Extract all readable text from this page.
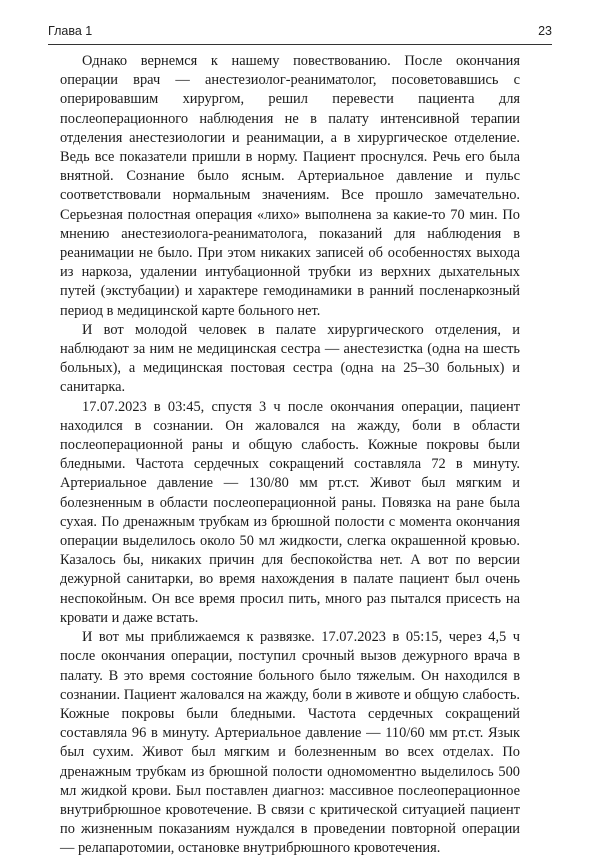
Глава 1	23

Однако вернемся к нашему повествованию. После окончания операции врач — анестезиолог-реаниматолог, посоветовавшись с оперировавшим хирургом, решил перевести пациента для послеоперационного наблюдения не в палату интенсивной терапии отделения анестезиологии и реанимации, а в хирургическое отделение. Ведь все показатели пришли в норму. Пациент проснулся. Речь его была внятной. Сознание было ясным. Артериальное давление и пульс соответствовали нормальным значениям. Все прошло замечательно. Серьезная полостная операция «лихо» выполнена за какие-то 70 мин. По мнению анестезиолога-реаниматолога, показаний для наблюдения в реанимации не было. При этом никаких записей об особенностях выхода из наркоза, удалении интубационной трубки из верхних дыхательных путей (экстубации) и характере гемодинамики в ранний посленаркозный период в медицинской карте больного нет.

И вот молодой человек в палате хирургического отделения, и наблюдают за ним не медицинская сестра — анестезистка (одна на шесть больных), а медицинская постовая сестра (одна на 25–30 больных) и санитарка.

17.07.2023 в 03:45, спустя 3 ч после окончания операции, пациент находился в сознании. Он жаловался на жажду, боли в области послеоперационной раны и общую слабость. Кожные покровы были бледными. Частота сердечных сокращений составляла 72 в минуту. Артериальное давление — 130/80 мм рт.ст. Живот был мягким и болезненным в области послеоперационной раны. Повязка на ране была сухая. По дренажным трубкам из брюшной полости с момента окончания операции выделилось около 50 мл жидкости, слегка окрашенной кровью. Казалось бы, никаких причин для беспокойства нет. А вот по версии дежурной санитарки, во время нахождения в палате пациент был очень неспокойным. Он все время просил пить, много раз пытался присесть на кровати и даже встать.

И вот мы приближаемся к развязке. 17.07.2023 в 05:15, через 4,5 ч после окончания операции, поступил срочный вызов дежурного врача в палату. В это время состояние больного было тяжелым. Он находился в сознании. Пациент жаловался на жажду, боли в животе и общую слабость. Кожные покровы были бледными. Частота сердечных сокращений составляла 96 в минуту. Артериальное давление — 110/60 мм рт.ст. Язык был сухим. Живот был мягким и болезненным во всех отделах. По дренажным трубкам из брюшной полости одномоментно выделилось 500 мл жидкой крови. Был поставлен диагноз: массивное послеоперационное внутрибрюшное кровотечение. В связи с критической ситуацией пациент по жизненным показаниям нуждался в проведении повторной операции — релапаротомии, остановке внутрибрюшного кровотечения.
